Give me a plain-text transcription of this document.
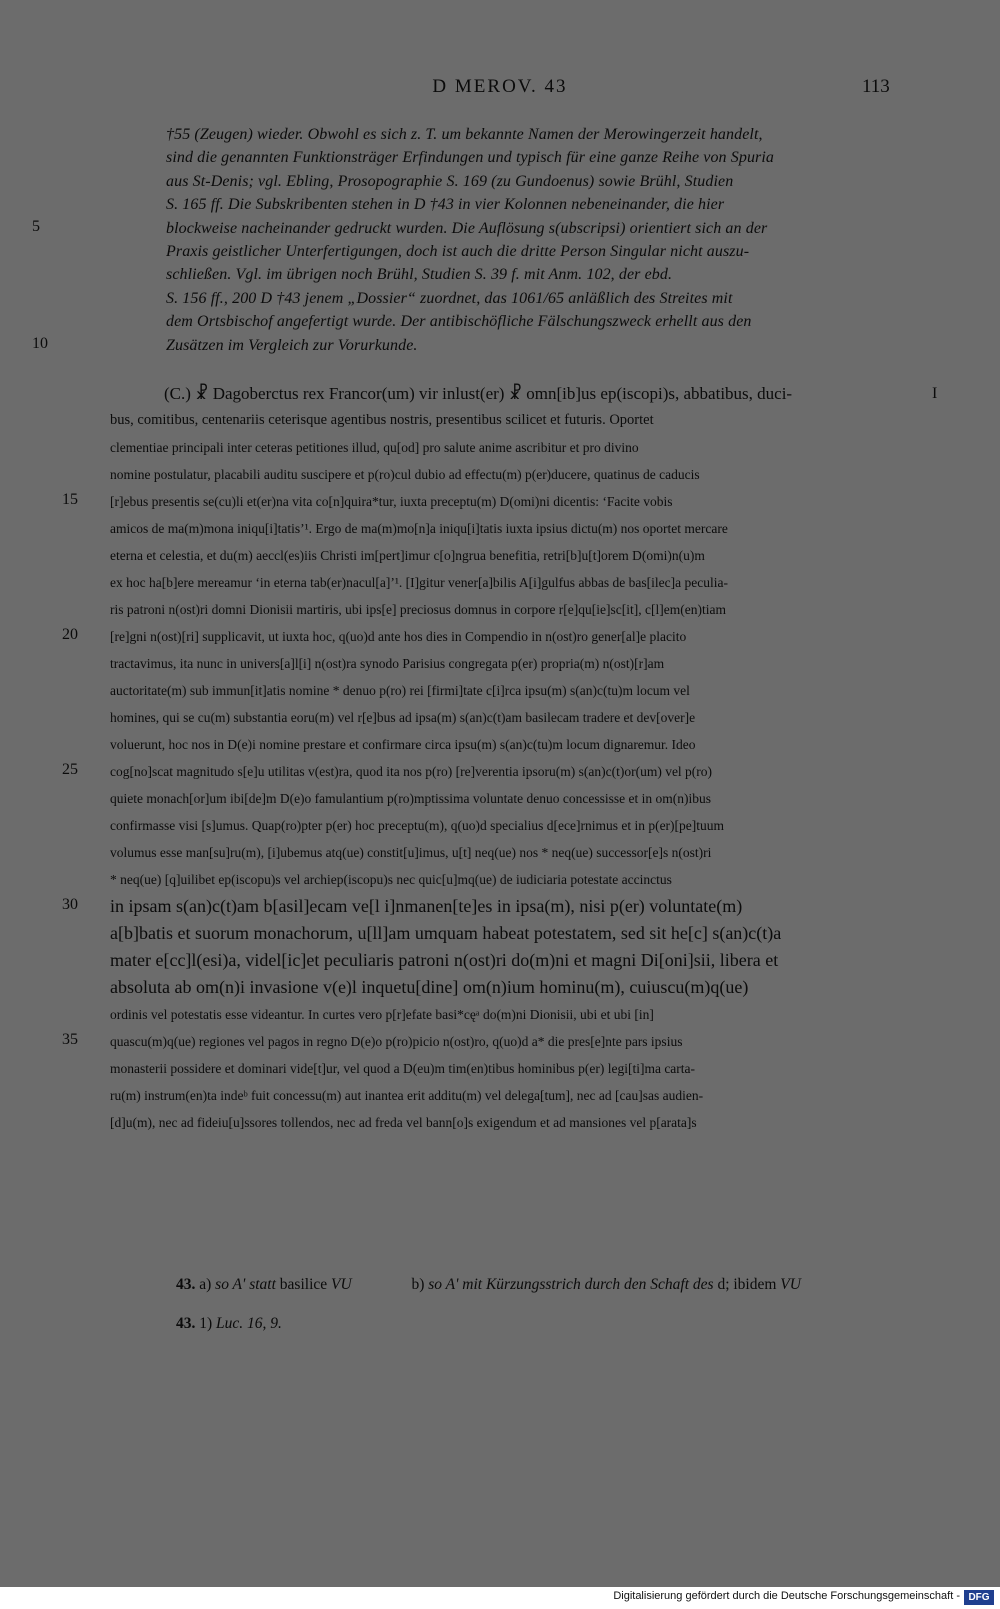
D MEROV. 43	113
†55 (Zeugen) wieder. Obwohl es sich z. T. um bekannte Namen der Merowingerzeit handelt,
sind die genannten Funktionsträger Erfindungen und typisch für eine ganze Reihe von Spuria
aus St-Denis; vgl. Ebling, Prosopographie S. 169 (zu Gundoenus) sowie Brühl, Studien
S. 165 ff. Die Subskribenten stehen in D †43 in vier Kolonnen nebeneinander, die hier
blockweise nacheinander gedruckt wurden. Die Auflösung s(ubscripsi) orientiert sich an der
Praxis geistlicher Unterfertigungen, doch ist auch die dritte Person Singular nicht auszu-
schließen. Vgl. im übrigen noch Brühl, Studien S. 39 f. mit Anm. 102, der ebd.
S. 156 ff., 200 D †43 jenem „Dossier“ zuordnet, das 1061/65 anläßlich des Streites mit
dem Ortsbischof angefertigt wurde. Der antibischöfliche Fälschungszweck erhellt aus den
Zusätzen im Vergleich zur Vorurkunde.
5
10
I
(C.) ☧ Dagoberctus rex Francor(um) vir inlust(er) ☧ omn[ib]us ep(iscopi)s, abbatibus, duci-
bus, comitibus, centenariis ceterisque agentibus nostris, presentibus scilicet et futuris. Oportet
clementiae principali inter ceteras petitiones illud, qu[od] pro salute anime ascribitur et pro divino
nomine postulatur, placabili auditu suscipere et p(ro)cul dubio ad effectu(m) p(er)ducere, quatinus de caducis
[r]ebus presentis se(cu)li et(er)na vita co[n]quira*tur, iuxta preceptu(m) D(omi)ni dicentis: ‘Facite vobis
amicos de ma(m)mona iniqu[i]tatis’¹. Ergo de ma(m)mo[n]a iniqu[i]tatis iuxta ipsius dictu(m) nos oportet mercare
eterna et celestia, et du(m) aeccl(es)iis Christi im[pert]imur c[o]ngrua benefitia, retri[b]u[t]orem D(omi)n(u)m
ex hoc ha[b]ere mereamur ‘in eterna tab(er)nacul[a]’¹. [I]gitur vener[a]bilis A[i]gulfus abbas de bas[ilec]a peculia-
ris patroni n(ost)ri domni Dionisii martiris, ubi ips[e] preciosus domnus in corpore r[e]qu[ie]sc[it], c[l]em(en)tiam
[re]gni n(ost)[ri] supplicavit, ut iuxta hoc, q(uo)d ante hos dies in Compendio in n(ost)ro gener[al]e placito
tractavimus, ita nunc in univers[a]l[i] n(ost)ra synodo Parisius congregata p(er) propria(m) n(ost)[r]am
auctoritate(m) sub immun[it]atis nomine * denuo p(ro) rei [firmi]tate c[i]rca ipsu(m) s(an)c(tu)m locum vel
homines, qui se cu(m) substantia eoru(m) vel r[e]bus ad ipsa(m) s(an)c(t)am basilecam tradere et dev[over]e
voluerunt, hoc nos in D(e)i nomine prestare et confirmare circa ipsu(m) s(an)c(tu)m locum dignaremur. Ideo
cog[no]scat magnitudo s[e]u utilitas v(est)ra, quod ita nos p(ro) [re]verentia ipsoru(m) s(an)c(t)or(um) vel p(ro)
quiete monach[or]um ibi[de]m D(e)o famulantium p(ro)mptissima voluntate denuo concessisse et in om(n)ibus
confirmasse visi [s]umus. Quap(ro)pter p(er) hoc preceptu(m), q(uo)d specialius d[ece]rnimus et in p(er)[pe]tuum
volumus esse man[su]ru(m), [i]ubemus atq(ue) constit[u]imus, u[t] neq(ue) nos * neq(ue) successor[e]s n(ost)ri
* neq(ue) [q]uilibet ep(iscopu)s vel archiep(iscopu)s nec quic[u]mq(ue) de iudiciaria potestate accinctus
in ipsam s(an)c(t)am b[asil]ecam ve[l i]nmanen[te]es in ipsa(m), nisi p(er) voluntate(m)
a[b]batis et suorum monachorum, u[ll]am umquam habeat potestatem, sed sit he[c] s(an)c(t)a
mater e[cc]l(esi)a, videl[ic]et peculiaris patroni n(ost)ri do(m)ni et magni Di[oni]sii, libera et
absoluta ab om(n)i invasione v(e)l inquetu[dine] om(n)ium hominu(m), cuiuscu(m)q(ue)
ordinis vel potestatis esse videantur. In curtes vero p[r]efate basi*cęᵃ do(m)ni Dionisii, ubi et ubi [in]
quascu(m)q(ue) regiones vel pagos in regno D(e)o p(ro)picio n(ost)ro, q(uo)d a* die pres[e]nte pars ipsius
monasterii possidere et dominari vide[t]ur, vel quod a D(eu)m tim(en)tibus hominibus p(er) legi[ti]ma carta-
ru(m) instrum(en)ta indeᵇ fuit concessu(m) aut inantea erit additu(m) vel delega[tum], nec ad [cau]sas audien-
[d]u(m), nec ad fideiu[u]ssores tollendos, nec ad freda vel bann[o]s exigendum et ad mansiones vel p[arata]s
15
20
25
30
35
43. a) so A' statt basilice VU	b) so A' mit Kürzungsstrich durch den Schaft des d; ibidem VU
43. 1) Luc. 16, 9.
Digitalisierung gefördert durch die Deutsche Forschungsgemeinschaft - DFG
